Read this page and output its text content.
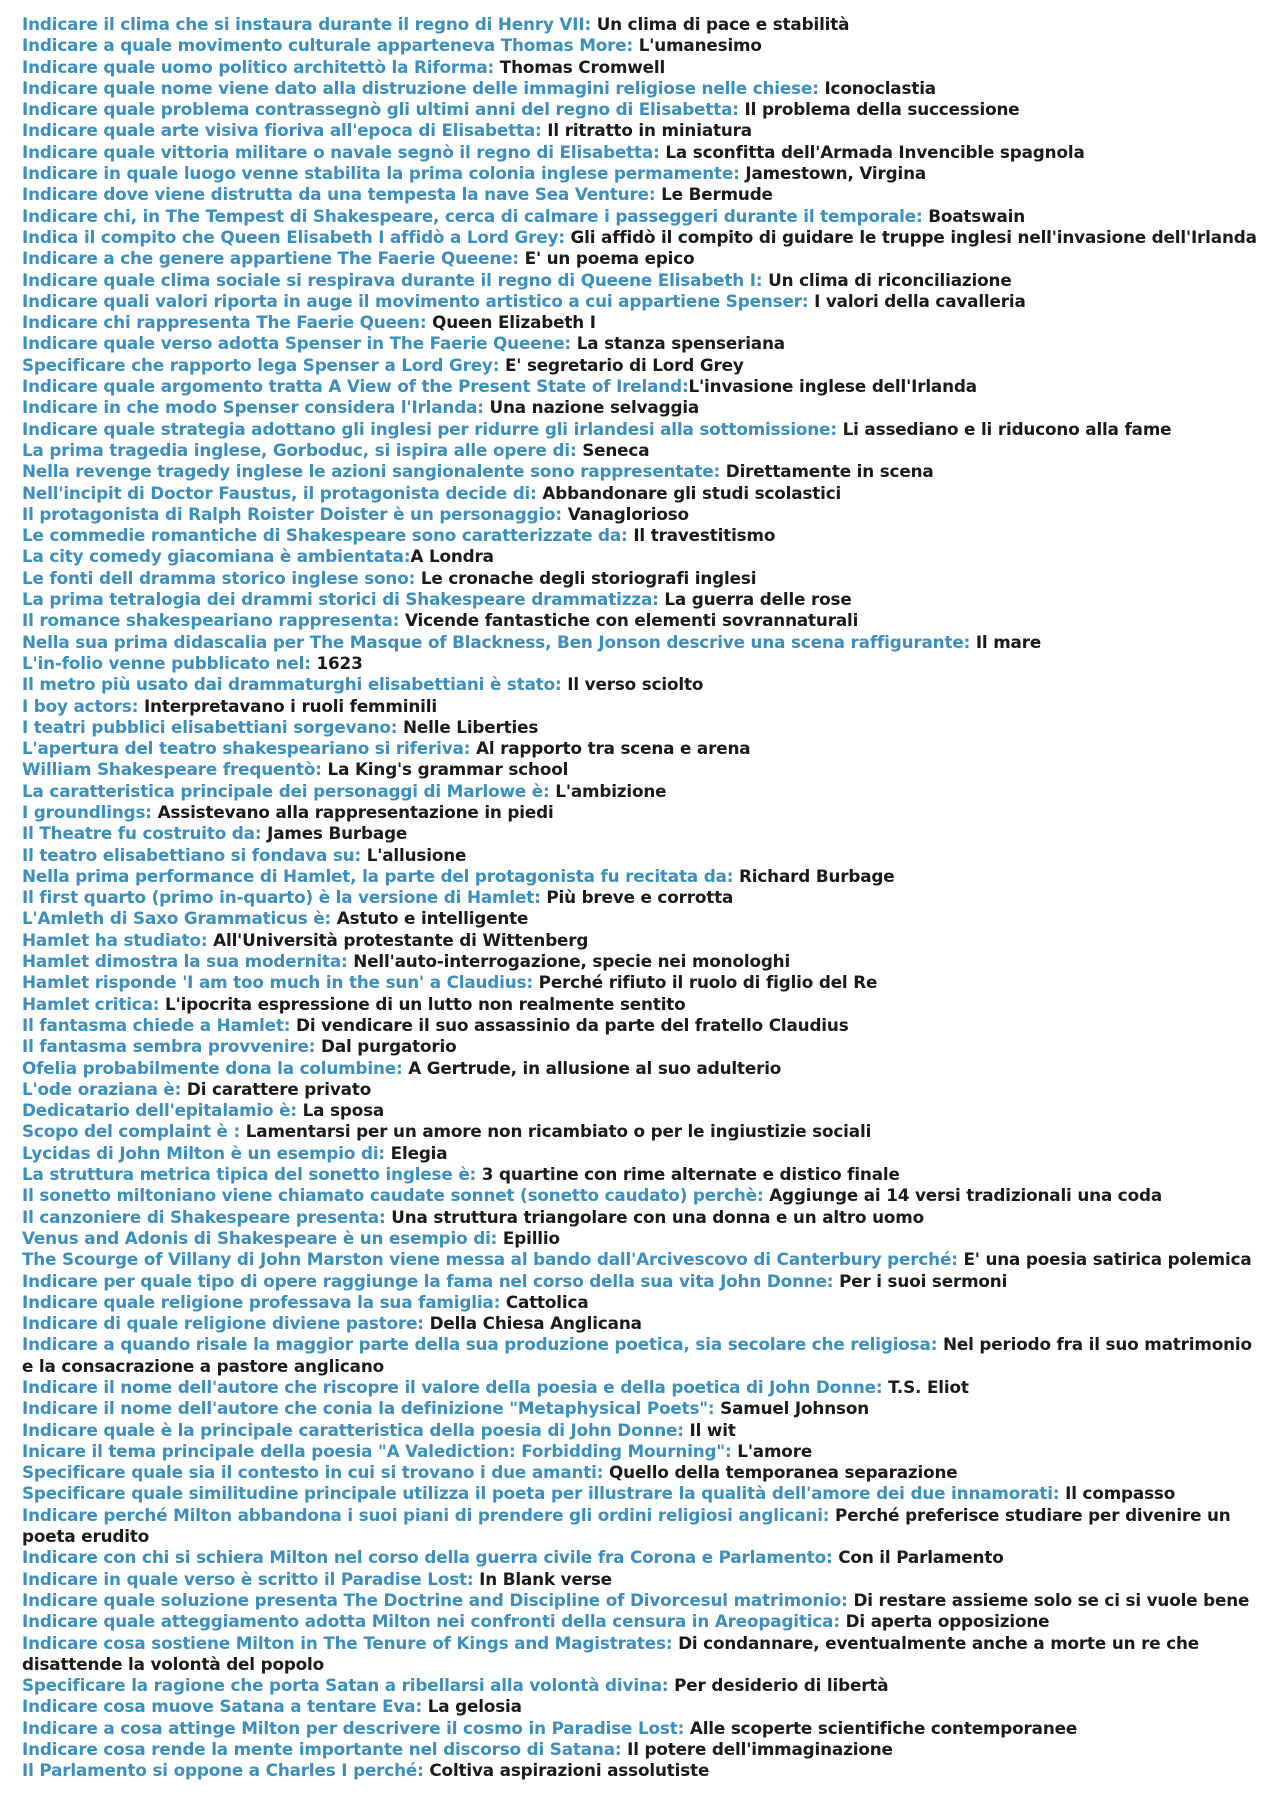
Indicare il clima che si instaura durante il regno di Henry VII: Un clima di pace e stabilità
Indicare a quale movimento culturale apparteneva Thomas More: L'umanesimo
Indicare quale uomo politico architettò la Riforma: Thomas Cromwell
Indicare quale nome viene dato alla distruzione delle immagini religiose nelle chiese: Iconoclastia
Indicare quale problema contrassegnò gli ultimi anni del regno di Elisabetta: Il problema della successione
Indicare quale arte visiva fioriva all'epoca di Elisabetta: Il ritratto in miniatura
Indicare quale vittoria militare o navale segnò il regno di Elisabetta: La sconfitta dell'Armada Invencible spagnola
Indicare in quale luogo venne stabilita la prima colonia inglese permamente: Jamestown, Virgina
Indicare dove viene distrutta da una tempesta la nave Sea Venture: Le Bermude
Indicare chi, in The Tempest di Shakespeare, cerca di calmare i passeggeri durante il temporale: Boatswain
Indica il compito che Queen Elisabeth I affidò a Lord Grey: Gli affidò il compito di guidare le truppe inglesi nell'invasione dell'Irlanda
Indicare a che genere appartiene The Faerie Queene: E' un poema epico
Indicare quale clima sociale si respirava durante il regno di Queene Elisabeth I: Un clima di riconciliazione
Indicare quali valori riporta in auge il movimento artistico a cui appartiene Spenser: I valori della cavalleria
Indicare chi rappresenta The Faerie Queen: Queen Elizabeth I
Indicare quale verso adotta Spenser in The Faerie Queene: La stanza spenseriana
Specificare che rapporto lega Spenser a Lord Grey: E' segretario di Lord Grey
Indicare quale argomento tratta A View of the Present State of Ireland:L'invasione inglese dell'Irlanda
Indicare in che modo Spenser considera l'Irlanda: Una nazione selvaggia
Indicare quale strategia adottano gli inglesi per ridurre gli irlandesi alla sottomissione: Li assediano e li riducono alla fame
La prima tragedia inglese, Gorboduc, si ispira alle opere di: Seneca
Nella revenge tragedy inglese le azioni sangionalente sono rappresentate: Direttamente in scena
Nell'incipit di Doctor Faustus, il protagonista decide di: Abbandonare gli studi scolastici
Il protagonista di Ralph Roister Doister è un personaggio: Vanaglorioso
Le commedie romantiche di Shakespeare sono caratterizzate da: Il travestitismo
La city comedy giacomiana è ambientata:A Londra
Le fonti dell dramma storico inglese sono: Le cronache degli storiografi inglesi
La prima tetralogia dei drammi storici di Shakespeare drammatizza: La guerra delle rose
Il romance shakespeariano rappresenta: Vicende fantastiche con elementi sovrannaturali
Nella sua prima didascalia per The Masque of Blackness, Ben Jonson descrive una scena raffigurante: Il mare
L'in-folio venne pubblicato nel: 1623
Il metro più usato dai drammaturghi elisabettiani è stato: Il verso sciolto
I boy actors: Interpretavano i ruoli femminili
I teatri pubblici elisabettiani sorgevano: Nelle Liberties
L'apertura del teatro shakespeariano si riferiva: Al rapporto tra scena e arena
William Shakespeare frequentò: La King's grammar school
La caratteristica principale dei personaggi di Marlowe è: L'ambizione
I groundlings: Assistevano alla rappresentazione in piedi
Il Theatre fu costruito da: James Burbage
Il teatro elisabettiano si fondava su: L'allusione
Nella prima performance di Hamlet, la parte del protagonista fu recitata da: Richard Burbage
Il first quarto (primo in-quarto) è la versione di Hamlet: Più breve e corrotta
L'Amleth di Saxo Grammaticus è: Astuto e intelligente
Hamlet ha studiato: All'Università protestante di Wittenberg
Hamlet dimostra la sua modernita: Nell'auto-interrogazione, specie nei monologhi
Hamlet risponde 'I am too much in the sun' a Claudius: Perché rifiuto il ruolo di figlio del Re
Hamlet critica: L'ipocrita espressione di un lutto non realmente sentito
Il fantasma chiede a Hamlet: Di vendicare il suo assassinio da parte del fratello Claudius
Il fantasma sembra provvenire: Dal purgatorio
Ofelia probabilmente dona la columbine: A Gertrude, in allusione al suo adulterio
L'ode oraziana è: Di carattere privato
Dedicatario dell'epitalamio è: La sposa
Scopo del complaint è : Lamentarsi per un amore non ricambiato o per le ingiustizie sociali
Lycidas di John Milton è un esempio di: Elegia
La struttura metrica tipica del sonetto inglese è: 3 quartine con rime alternate e distico finale
Il sonetto miltoniano viene chiamato caudate sonnet (sonetto caudato) perchè: Aggiunge ai 14 versi tradizionali una coda
Il canzoniere di Shakespeare presenta: Una struttura triangolare con una donna e un altro uomo
Venus and Adonis di Shakespeare è un esempio di: Epillio
The Scourge of Villany di John Marston viene messa al bando dall'Arcivescovo di Canterbury perché: E' una poesia satirica polemica
Indicare per quale tipo di opere raggiunge la fama nel corso della sua vita John Donne: Per i suoi sermoni
Indicare quale religione professava la sua famiglia: Cattolica
Indicare di quale religione diviene pastore: Della Chiesa Anglicana
Indicare a quando risale la maggior parte della sua produzione poetica, sia secolare che religiosa: Nel periodo fra il suo matrimonio e la consacrazione a pastore anglicano
Indicare il nome dell'autore che riscopre il valore della poesia e della poetica di John Donne: T.S. Eliot
Indicare il nome dell'autore che conia la definizione "Metaphysical Poets": Samuel Johnson
Indicare quale è la principale caratteristica della poesia di John Donne: Il wit
Inicare il tema principale della poesia "A Valediction: Forbidding Mourning": L'amore
Specificare quale sia il contesto in cui si trovano i due amanti: Quello della temporanea separazione
Specificare quale similitudine principale utilizza il poeta per illustrare la qualità dell'amore dei due innamorati: Il compasso
Indicare perché Milton abbandona i suoi piani di prendere gli ordini religiosi anglicani: Perché preferisce studiare per divenire un poeta erudito
Indicare con chi si schiera Milton nel corso della guerra civile fra Corona e Parlamento: Con il Parlamento
Indicare in quale verso è scritto il Paradise Lost: In Blank verse
Indicare quale soluzione presenta The Doctrine and Discipline of Divorcesul matrimonio: Di restare assieme solo se ci si vuole bene
Indicare quale atteggiamento adotta Milton nei confronti della censura in Areopagitica: Di aperta opposizione
Indicare cosa sostiene Milton in The Tenure of Kings and Magistrates: Di condannare, eventualmente anche a morte un re che disattende la volontà del popolo
Specificare la ragione che porta Satan a ribellarsi alla volontà divina: Per desiderio di libertà
Indicare cosa muove Satana a tentare Eva: La gelosia
Indicare a cosa attinge Milton per descrivere il cosmo in Paradise Lost: Alle scoperte scientifiche contemporanee
Indicare cosa rende la mente importante nel discorso di Satana: Il potere dell'immaginazione
Il Parlamento si oppone a Charles I perché: Coltiva aspirazioni assolutiste
